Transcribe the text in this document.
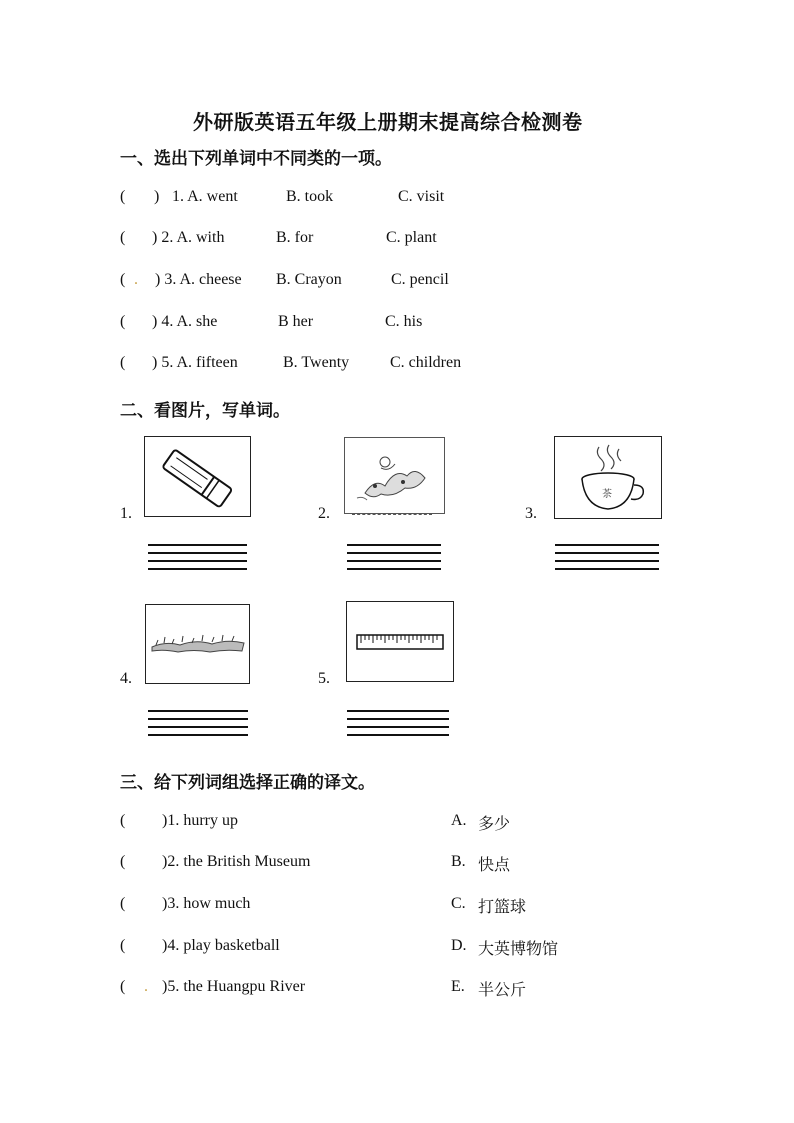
外研版英语五年级上册期末提高综合检测卷
一、选出下列单词中不同类的一项。
( ) 1. A. went	B. took	C. visit
( ) 2. A. with	B. for	C. plant
( . ) 3. A. cheese B. Crayon	C. pencil
( ) 4. A. she	B her	C. his
( ) 5. A. fifteen	B. Twenty	C. children
二、看图片，写单词。
1.	2.	3.
茶
4.	5.
三、给下列词组选择正确的译文。
( )1. hurry up	A. 多少
( )2. the British Museum	B. 快点
( )3. how much	C. 打篮球
( )4. play basketball	D. 大英博物馆
( . )5. the Huangpu River	E. 半公斤
